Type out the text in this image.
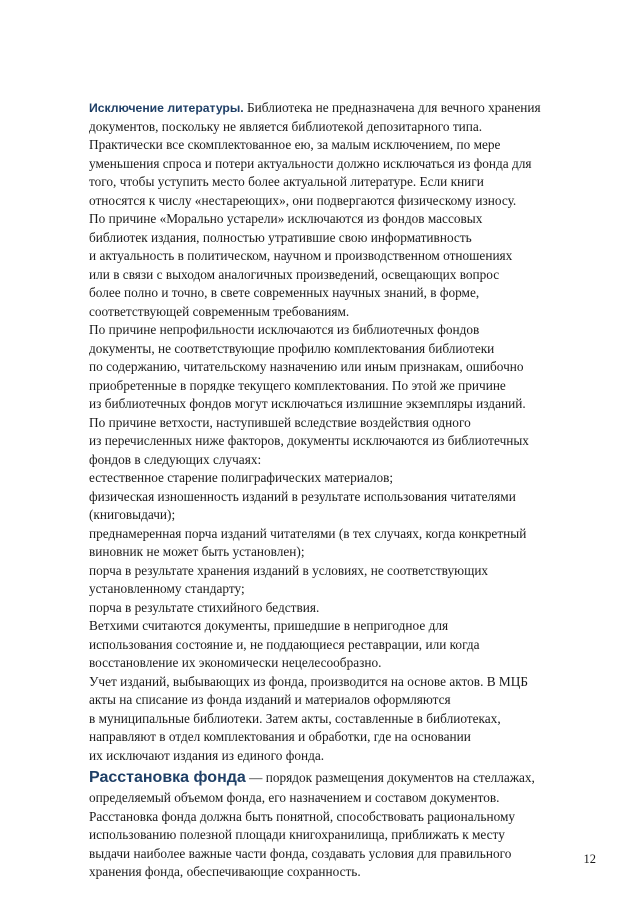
Исключение литературы. Библиотека не предназначена для вечного хранения
документов, поскольку не является библиотекой депозитарного типа.
Практически все скомплектованное ею, за малым исключением, по мере
уменьшения спроса и потери актуальности должно исключаться из фонда для
того, чтобы уступить место более актуальной литературе. Если книги
относятся к числу «нестареющих», они подвергаются физическому износу.
По причине «Морально устарели» исключаются из фондов массовых
библиотек издания, полностью утратившие свою информативность
и актуальность в политическом, научном и производственном отношениях
или в связи с выходом аналогичных произведений, освещающих вопрос
более полно и точно, в свете современных научных знаний, в форме,
соответствующей современным требованиям.
По причине непрофильности исключаются из библиотечных фондов
документы, не соответствующие профилю комплектования библиотеки
по содержанию, читательскому назначению или иным признакам, ошибочно
приобретенные в порядке текущего комплектования. По этой же причине
из библиотечных фондов могут исключаться излишние экземпляры изданий.
По причине ветхости, наступившей вследствие воздействия одного
из перечисленных ниже факторов, документы исключаются из библиотечных
фондов в следующих случаях:
естественное старение полиграфических материалов;
физическая изношенность изданий в результате использования читателями
(книговыдачи);
преднамеренная порча изданий читателями (в тех случаях, когда конкретный
виновник не может быть установлен);
порча в результате хранения изданий в условиях, не соответствующих
установленному стандарту;
порча в результате стихийного бедствия.
Ветхими считаются документы, пришедшие в непригодное для
использования состояние и, не поддающиеся реставрации, или когда
восстановление их экономически нецелесообразно.
Учет изданий, выбывающих из фонда, производится на основе актов. В МЦБ
акты на списание из фонда изданий и материалов оформляются
в муниципальные библиотеки. Затем акты, составленные в библиотеках,
направляют в отдел комплектования и обработки, где на основании
их исключают издания из единого фонда.
Расстановка фонда — порядок размещения документов на стеллажах,
определяемый объемом фонда, его назначением и составом документов.
Расстановка фонда должна быть понятной, способствовать рациональному
использованию полезной площади книгохранилища, приближать к месту
выдачи наиболее важные части фонда, создавать условия для правильного
хранения фонда, обеспечивающие сохранность.
12
